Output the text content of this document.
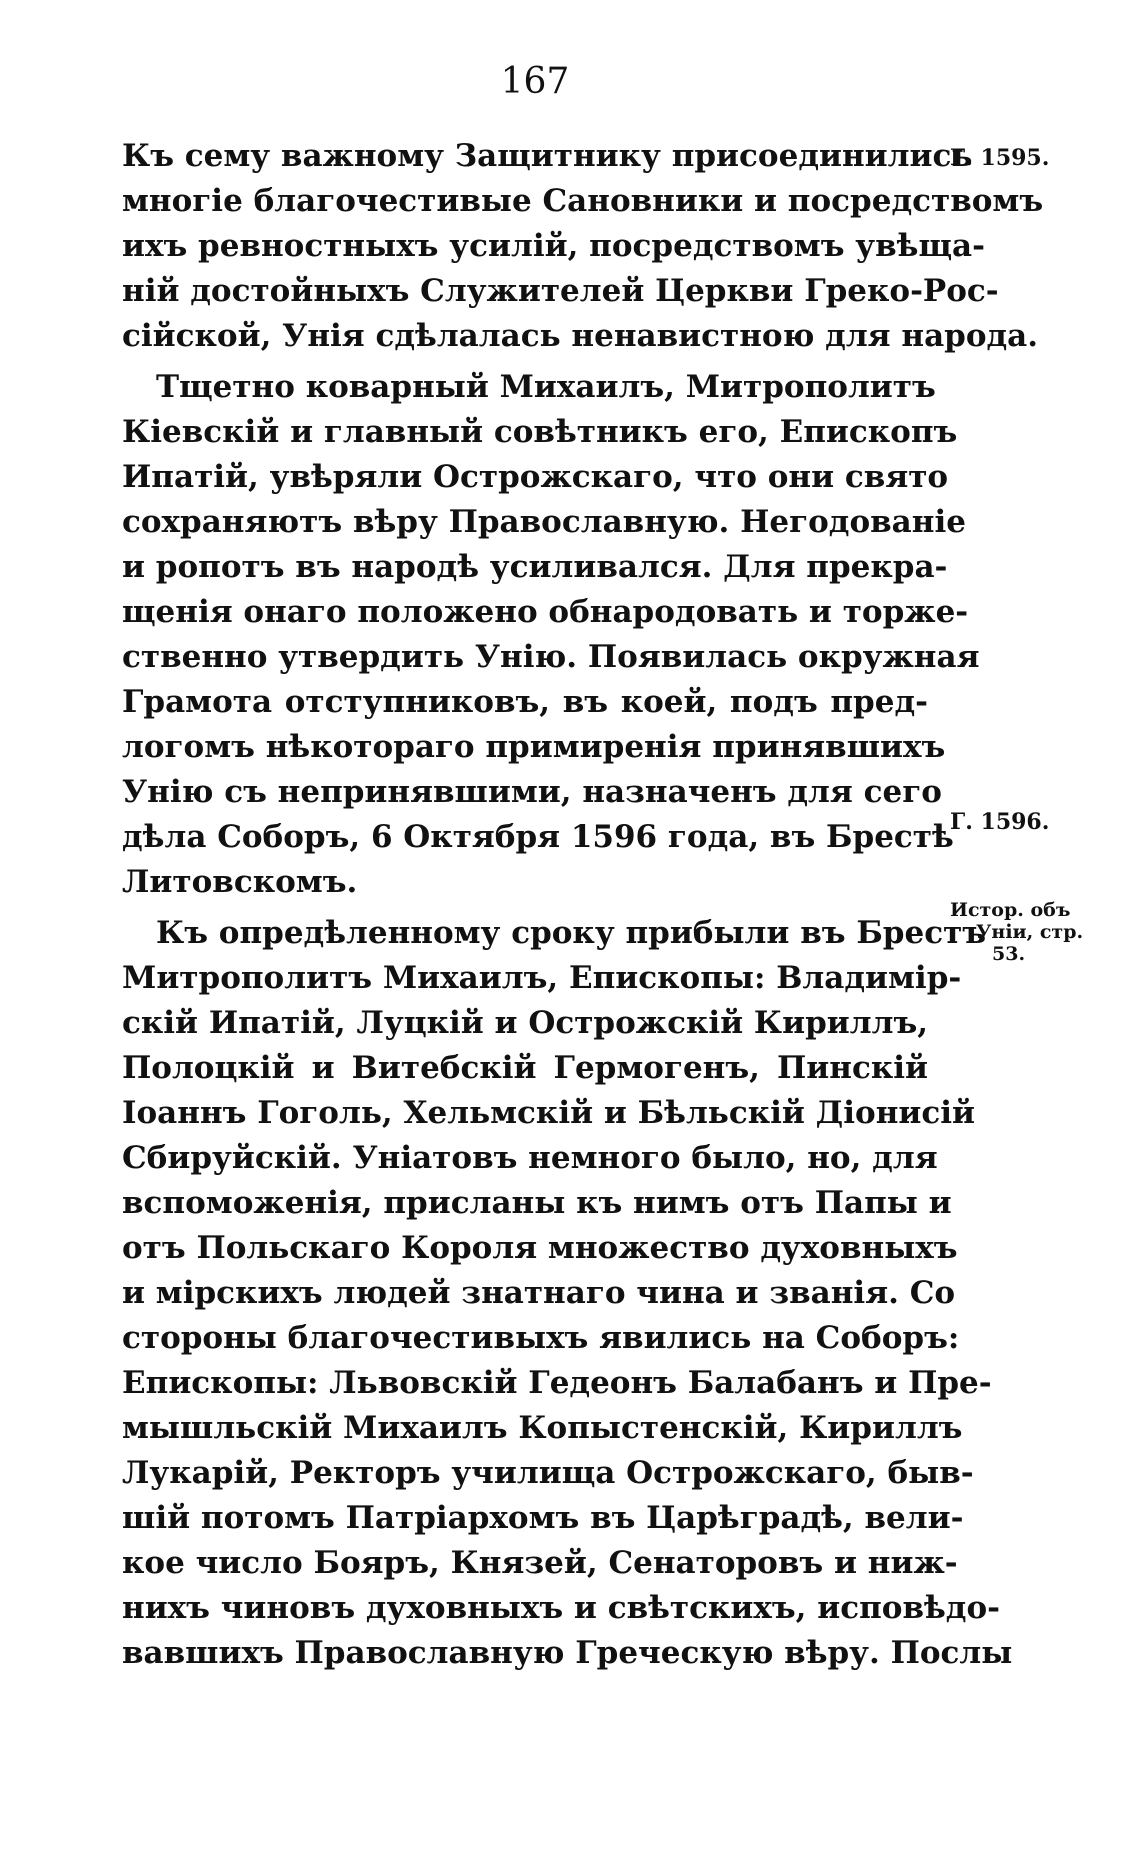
167
Къ сему важному Защитнику присоединились
многіе благочестивые Сановники и посредствомъ
ихъ ревностныхъ усилій, посредствомъ увѣща-
ній достойныхъ Служителей Церкви Греко-Рос-
сійской, Унія сдѣлалась ненавистною для народа.
Тщетно коварный Михаилъ, Митрополитъ
Кіевскій и главный совѣтникъ его, Епископъ
Ипатій, увѣряли Острожскаго, что они свято
сохраняютъ вѣру Православную. Негодованіе
и ропотъ въ народѣ усиливался. Для прекра-
щенія онаго положено обнародовать и торже-
ственно утвердить Унію. Появилась окружная
Грамота отступниковъ, въ коей, подъ пред-
логомъ нѣкотораго примиренія принявшихъ
Унію съ непринявшими, назначенъ для сего
дѣла Соборъ, 6 Октября 1596 года, въ Брестѣ
Литовскомъ.
Къ опредѣленному сроку прибыли въ Брестъ
Митрополитъ Михаилъ, Епископы: Владимір-
скій Ипатій, Луцкій и Острожскій Кириллъ,
Полоцкій и Витебскій Гермогенъ, Пинскій
Іоаннъ Гоголь, Хельмскій и Бѣльскій Діонисій
Сбируйскій. Уніатовъ немного было, но, для
вспоможенія, присланы къ нимъ отъ Папы и
отъ Польскаго Короля множество духовныхъ
и мірскихъ людей знатнаго чина и званія. Со
стороны благочестивыхъ явились на Соборъ:
Епископы: Львовскій Гедеонъ Балабанъ и Пре-
мышльскій Михаилъ Копыстенскій, Кириллъ
Лукарій, Ректоръ училища Острожскаго, быв-
шій потомъ Патріархомъ въ Царѣградѣ, вели-
кое число Бояръ, Князей, Сенаторовъ и ниж-
нихъ чиновъ духовныхъ и свѣтскихъ, исповѣдо-
вавшихъ Православную Греческую вѣру. Послы
Г. 1595.
Г. 1596.
Истор. объ
Уніи, стр.
53.
